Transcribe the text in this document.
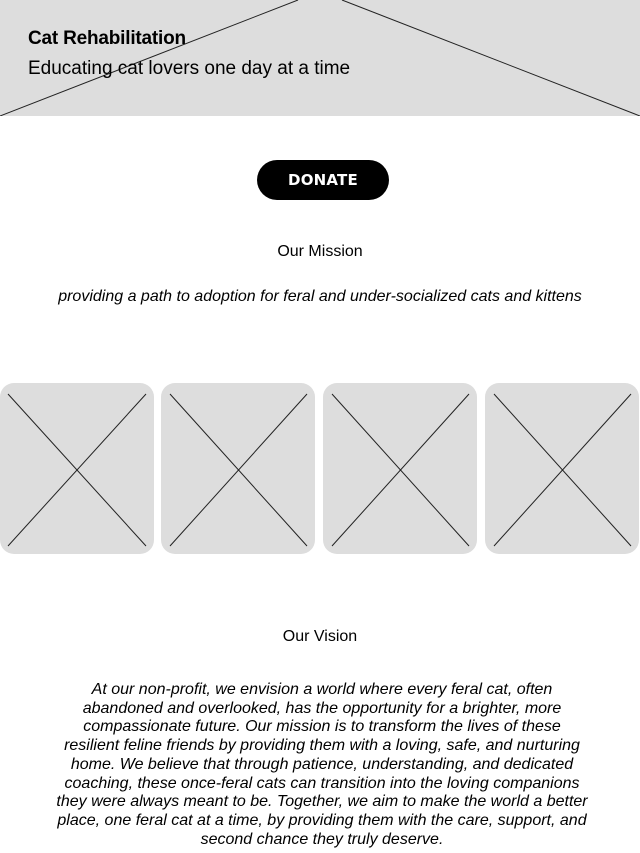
Cat Rehabilitation

Educating cat lovers one day at a time

DONATE
Our Mission

providing a path to adoption for feral and under-socialized cats and kittens

Our Vision

At our non-profit, we envision a world where every feral cat, often abandoned and overlooked, has the opportunity for a brighter, more compassionate future. Our mission is to transform the lives of these resilient feline friends by providing them with a loving, safe, and nurturing home. We believe that through patience, understanding, and dedicated coaching, these once-feral cats can transition into the loving companions they were always meant to be. Together, we aim to make the world a better place, one feral cat at a time, by providing them with the care, support, and second chance they truly deserve.
